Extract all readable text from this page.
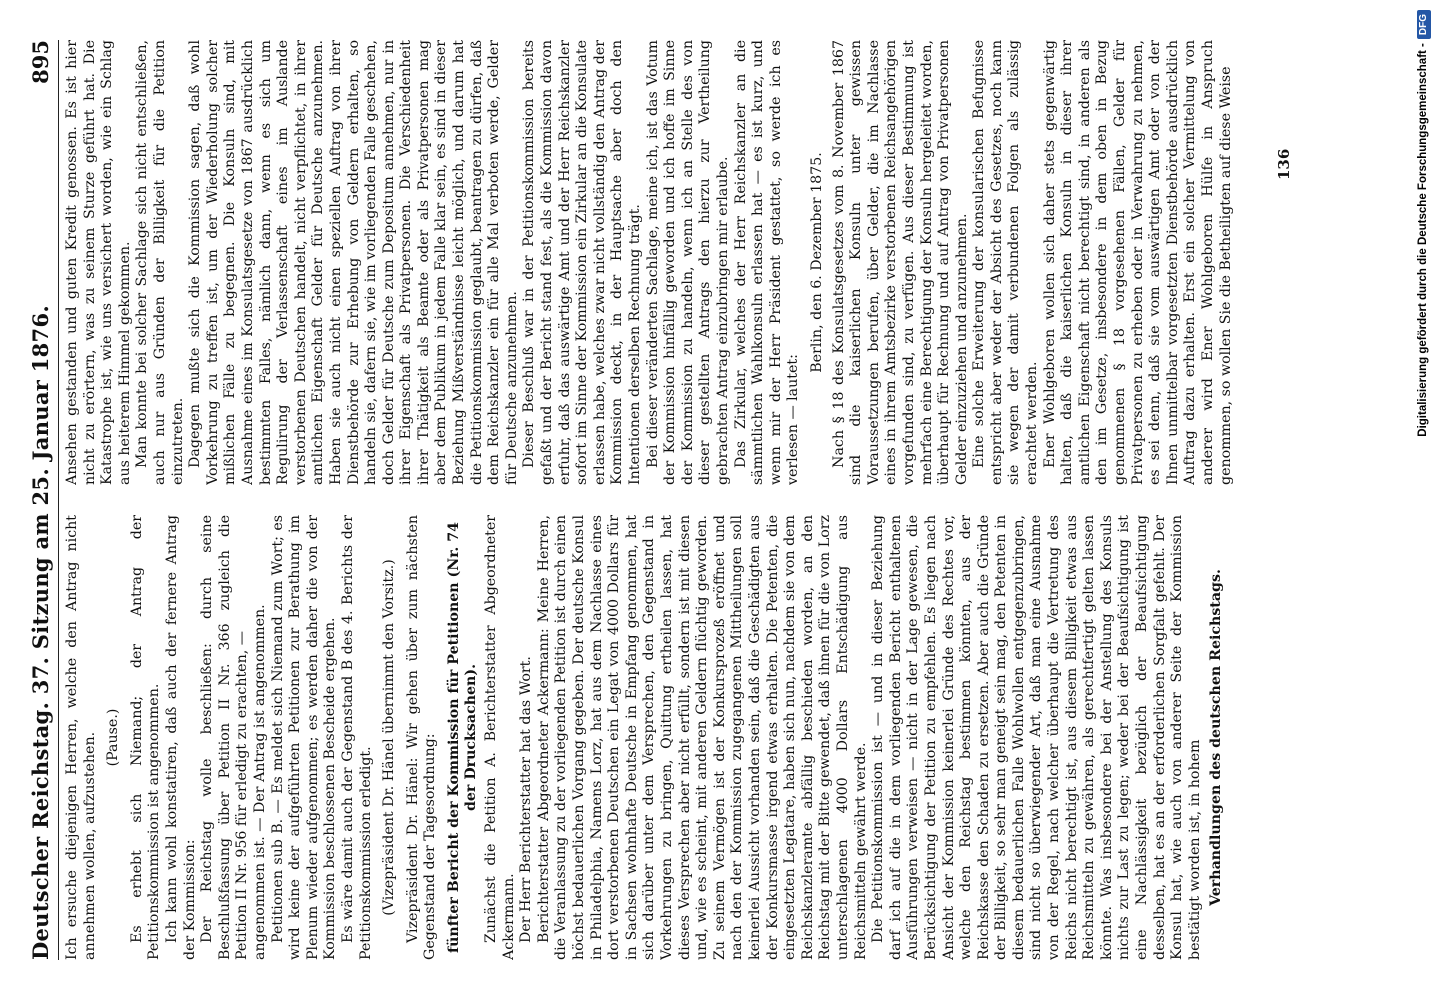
Deutscher Reichstag. 37. Sitzung am 25. Januar 1876.
895

Ich ersuche diejenigen Herren, welche den Antrag nicht annehmen wollen, aufzustehen. (Pause.) Es erhebt sich Niemand; der Antrag der Petitionskommission ist angenommen. Ich kann wohl konstatiren, daß auch der fernere Antrag der Kommission: Der Reichstag wolle beschließen: durch seine Beschlußfassung über Petition II Nr. 366 zugleich die Petition II Nr. 956 für erledigt zu erachten, — angenommen ist. — Der Antrag ist angenommen. Petitionen sub B. — Es meldet sich Niemand zum Wort; es wird keine der aufgeführten Petitionen zur Berathung im Plenum wieder aufgenommen; es werden daher die von der Kommission beschlossenen Bescheide ergehen. Es wäre damit auch der Gegenstand B des 4. Berichts der Petitionskommission erledigt. (Vizepräsident Dr. Hänel übernimmt den Vorsitz.) Vizepräsident Dr. Hänel: Wir gehen über zum nächsten Gegenstand der Tagesordnung: fünfter Bericht der Kommission für Petitionen (Nr. 74 der Drucksachen). Zunächst die Petition A. Berichterstatter Abgeordneter Ackermann. Der Herr Berichterstatter hat das Wort. Berichterstatter Abgeordneter Ackermann: Meine Herren, die Veranlassung zu der vorliegenden Petition ist durch einen höchst bedauerlichen Vorgang gegeben. Der deutsche Konsul in Philadelphia, Namens Lorz, hat aus dem Nachlasse eines dort verstorbenen Deutschen ein Legat von 4000 Dollars für in Sachsen wohnhafte Deutsche in Empfang genommen, hat sich darüber unter dem Versprechen, den Gegenstand in Vorkehrungen zu bringen, Quittung ertheilen lassen, hat dieses Versprechen aber nicht erfüllt, sondern ist mit diesen und, wie es scheint, mit anderen Geldern flüchtig geworden. Zu seinem Vermögen ist der Konkursprozeß eröffnet und nach den der Kommission zugegangenen Mittheilungen soll keinerlei Aussicht vorhanden sein, daß die Geschädigten aus der Konkursmasse irgend etwas erhalten. Die Petenten, die eingesetzten Legatare, haben sich nun, nachdem sie von dem Reichskanzleramte abfällig beschieden worden, an den Reichstag mit der Bitte gewendet, daß ihnen für die von Lorz unterschlagenen 4000 Dollars Entschädigung aus Reichsmitteln gewährt werde. Die Petitionskommission ist — und in dieser Beziehung darf ich auf die in dem vorliegenden Bericht enthaltenen Ausführungen verweisen — nicht in der Lage gewesen, die Berücksichtigung der Petition zu empfehlen. Es liegen nach Ansicht der Kommission keinerlei Gründe des Rechtes vor, welche den Reichstag bestimmen könnten, aus der Reichskasse den Schaden zu ersetzen. Aber auch die Gründe der Billigkeit, so sehr man geneigt sein mag, den Petenten in diesem bedauerlichen Falle Wohlwollen entgegenzubringen, sind nicht so überwiegender Art, daß man eine Ausnahme von der Regel, nach welcher überhaupt die Vertretung des Reichs nicht berechtigt ist, aus diesem Billigkeit etwas aus Reichsmitteln zu gewähren, als gerechtfertigt gelten lassen könnte. Was insbesondere bei der Anstellung des Konsuls nichts zur Last zu legen; weder bei der Beaufsichtigung ist eine Nachlässigkeit bezüglich der Beaufsichtigung desselben, hat es an der erforderlichen Sorgfalt gefehlt. Der Konsul hat, wie auch von anderer Seite der Kommission bestätigt worden ist, in hohem Verhandlungen des deutschen Reichstags.

Ansehen gestanden und guten Kredit genossen. Es ist hier nicht zu erörtern, was zu seinem Sturze geführt hat. Die Katastrophe ist, wie uns versichert worden, wie ein Schlag aus heiterem Himmel gekommen. Man konnte bei solcher Sachlage sich nicht entschließen, auch nur aus Gründen der Billigkeit für die Petition einzutreten. Dagegen mußte sich die Kommission sagen, daß wohl Vorkehrung zu treffen ist, um der Wiederholung solcher mißlichen Fälle zu begegnen. Die Konsuln sind, mit Ausnahme eines im Konsulatsgesetze von 1867 ausdrücklich bestimmten Falles, nämlich dann, wenn es sich um Regulirung der Verlassenschaft eines im Auslande verstorbenen Deutschen handelt, nicht verpflichtet, in ihrer amtlichen Eigenschaft Gelder für Deutsche anzunehmen. Haben sie auch nicht einen speziellen Auftrag von ihrer Dienstbehörde zur Erhebung von Geldern erhalten, so handeln sie, dafern sie, wie im vorliegenden Falle geschehen, doch Gelder für Deutsche zum Depositum annehmen, nur in ihrer Eigenschaft als Privatpersonen. Die Verschiedenheit ihrer Thätigkeit als Beamte oder als Privatpersonen mag aber dem Publikum in jedem Falle klar sein, es sind in dieser Beziehung Mißverständnisse leicht möglich, und darum hat die Petitionskommission geglaubt, beantragen zu dürfen, daß dem Reichskanzler ein für alle Mal verboten werde, Gelder für Deutsche anzunehmen. Dieser Beschluß war in der Petitionskommission bereits gefaßt und der Bericht stand fest, als die Kommission davon erfuhr, daß das auswärtige Amt und der Herr Reichskanzler sofort im Sinne der Kommission ein Zirkular an die Konsulate erlassen habe, welches zwar nicht vollständig den Antrag der Kommission deckt, in der Hauptsache aber doch den Intentionen derselben Rechnung trägt. Bei dieser veränderten Sachlage, meine ich, ist das Votum der Kommission hinfällig geworden und ich hoffe im Sinne der Kommission zu handeln, wenn ich an Stelle des von dieser gestellten Antrags den hierzu zur Vertheilung gebrachten Antrag einzubringen mir erlaube. Das Zirkular, welches der Herr Reichskanzler an die sämmtlichen Wahlkonsuln erlassen hat — es ist kurz, und wenn mir der Herr Präsident gestattet, so werde ich es verlesen — lautet:

Berlin, den 6. Dezember 1875. Nach § 18 des Konsulatsgesetzes vom 8. November 1867 sind die kaiserlichen Konsuln unter gewissen Voraussetzungen berufen, über Gelder, die im Nachlasse eines in ihrem Amtsbezirke verstorbenen Reichsangehörigen vorgefunden sind, zu verfügen. Aus dieser Bestimmung ist mehrfach eine Berechtigung der Konsuln hergeleitet worden, überhaupt für Rechnung und auf Antrag von Privatpersonen Gelder einzuziehen und anzunehmen. Eine solche Erweiterung der konsularischen Befugnisse entspricht aber weder der Absicht des Gesetzes, noch kann sie wegen der damit verbundenen Folgen als zulässig erachtet werden. Ener Wohlgeboren wollen sich daher stets gegenwärtig halten, daß die kaiserlichen Konsuln in dieser ihrer amtlichen Eigenschaft nicht berechtigt sind, in anderen als den im Gesetze, insbesondere in dem oben in Bezug genommenen § 18 vorgesehenen Fällen, Gelder für Privatpersonen zu erheben oder in Verwahrung zu nehmen, es sei denn, daß sie vom auswärtigen Amt oder von der Ihnen unmittelbar vorgesetzten Dienstbehörde ausdrücklich Auftrag dazu erhalten. Erst ein solcher Vermittelung von anderer wird Ener Wohlgeboren Hülfe in Anspruch genommen, so wollen Sie die Betheiligten auf diese Weise	136	Digitalisierung gefördert durch die Deutsche Forschungsgemeinschaft -DFG
